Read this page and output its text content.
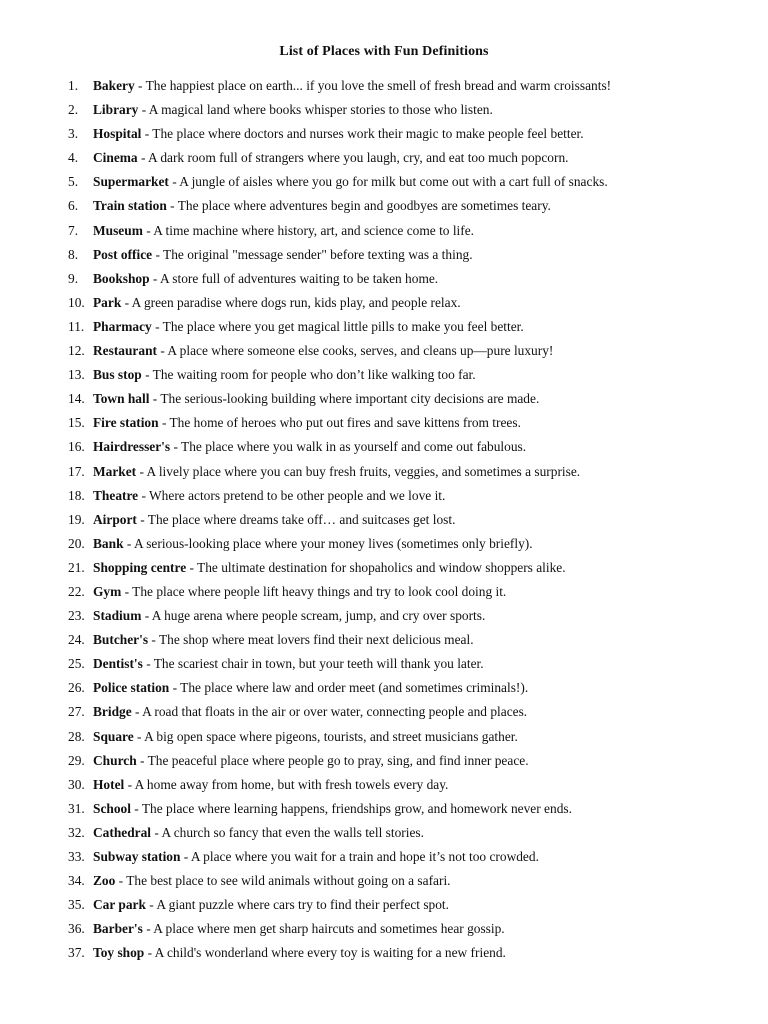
List of Places with Fun Definitions
1. Bakery - The happiest place on earth... if you love the smell of fresh bread and warm croissants!
2. Library - A magical land where books whisper stories to those who listen.
3. Hospital - The place where doctors and nurses work their magic to make people feel better.
4. Cinema - A dark room full of strangers where you laugh, cry, and eat too much popcorn.
5. Supermarket - A jungle of aisles where you go for milk but come out with a cart full of snacks.
6. Train station - The place where adventures begin and goodbyes are sometimes teary.
7. Museum - A time machine where history, art, and science come to life.
8. Post office - The original "message sender" before texting was a thing.
9. Bookshop - A store full of adventures waiting to be taken home.
10. Park - A green paradise where dogs run, kids play, and people relax.
11. Pharmacy - The place where you get magical little pills to make you feel better.
12. Restaurant - A place where someone else cooks, serves, and cleans up—pure luxury!
13. Bus stop - The waiting room for people who don’t like walking too far.
14. Town hall - The serious-looking building where important city decisions are made.
15. Fire station - The home of heroes who put out fires and save kittens from trees.
16. Hairdresser's - The place where you walk in as yourself and come out fabulous.
17. Market - A lively place where you can buy fresh fruits, veggies, and sometimes a surprise.
18. Theatre - Where actors pretend to be other people and we love it.
19. Airport - The place where dreams take off… and suitcases get lost.
20. Bank - A serious-looking place where your money lives (sometimes only briefly).
21. Shopping centre - The ultimate destination for shopaholics and window shoppers alike.
22. Gym - The place where people lift heavy things and try to look cool doing it.
23. Stadium - A huge arena where people scream, jump, and cry over sports.
24. Butcher's - The shop where meat lovers find their next delicious meal.
25. Dentist's - The scariest chair in town, but your teeth will thank you later.
26. Police station - The place where law and order meet (and sometimes criminals!).
27. Bridge - A road that floats in the air or over water, connecting people and places.
28. Square - A big open space where pigeons, tourists, and street musicians gather.
29. Church - The peaceful place where people go to pray, sing, and find inner peace.
30. Hotel - A home away from home, but with fresh towels every day.
31. School - The place where learning happens, friendships grow, and homework never ends.
32. Cathedral - A church so fancy that even the walls tell stories.
33. Subway station - A place where you wait for a train and hope it’s not too crowded.
34. Zoo - The best place to see wild animals without going on a safari.
35. Car park - A giant puzzle where cars try to find their perfect spot.
36. Barber's - A place where men get sharp haircuts and sometimes hear gossip.
37. Toy shop - A child's wonderland where every toy is waiting for a new friend.
